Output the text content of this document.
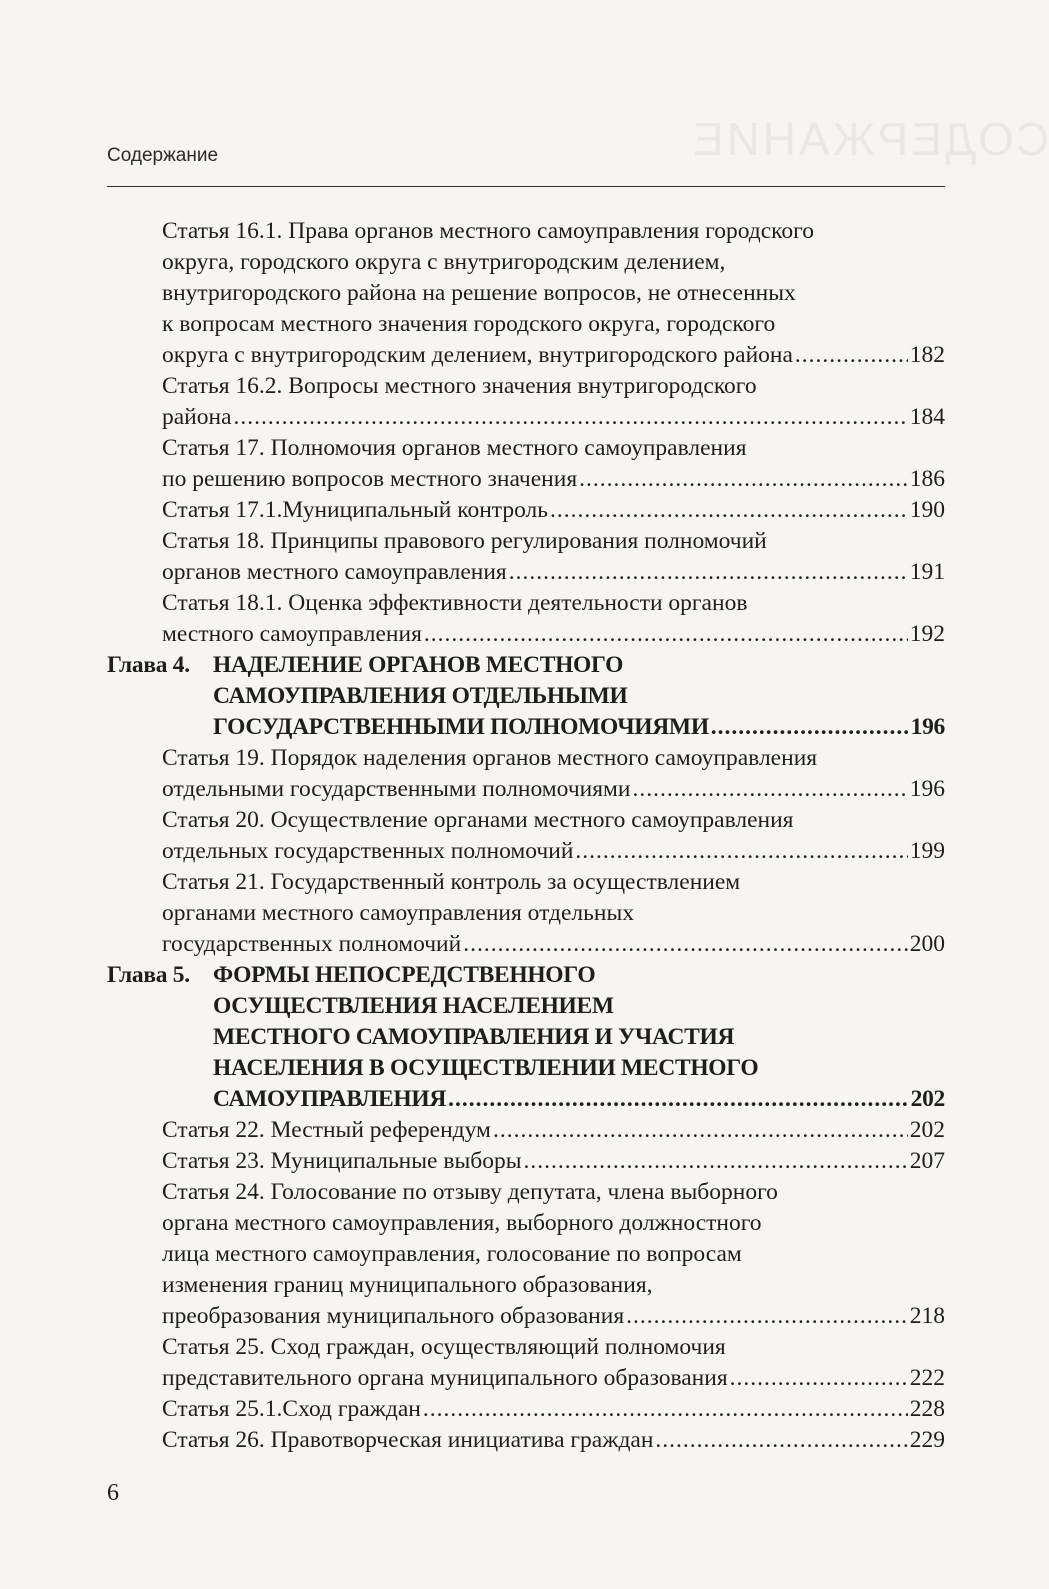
СОДЕРЖАНИЕ
Содержание
Статья 16.1. Права органов местного самоуправления городского
округа, городского округа с внутригородским делением,
внутригородского района на решение вопросов, не отнесенных
к вопросам местного значения городского округа, городского
округа с внутригородским делением, внутригородского района .....	182
Статья 16.2. Вопросы местного значения внутригородского
района .....	184
Статья 17. Полномочия органов местного самоуправления
по решению вопросов местного значения .....	186
Статья 17.1.Муниципальный контроль .....	190
Статья 18. Принципы правового регулирования полномочий
органов местного самоуправления .....	191
Статья 18.1. Оценка эффективности деятельности органов
местного самоуправления .....	192
Глава 4. НАДЕЛЕНИЕ ОРГАНОВ МЕСТНОГО
САМОУПРАВЛЕНИЯ ОТДЕЛЬНЫМИ
ГОСУДАРСТВЕННЫМИ ПОЛНОМОЧИЯМИ .....	196
Статья 19. Порядок наделения органов местного самоуправления
отдельными государственными полномочиями .....	196
Статья 20. Осуществление органами местного самоуправления
отдельных государственных полномочий .....	199
Статья 21. Государственный контроль за осуществлением
органами местного самоуправления отдельных
государственных полномочий .....	200
Глава 5. ФОРМЫ НЕПОСРЕДСТВЕННОГО
ОСУЩЕСТВЛЕНИЯ НАСЕЛЕНИЕМ
МЕСТНОГО САМОУПРАВЛЕНИЯ И УЧАСТИЯ
НАСЕЛЕНИЯ В ОСУЩЕСТВЛЕНИИ МЕСТНОГО
САМОУПРАВЛЕНИЯ .....	202
Статья 22. Местный референдум .....	202
Статья 23. Муниципальные выборы .....	207
Статья 24. Голосование по отзыву депутата, члена выборного
органа местного самоуправления, выборного должностного
лица местного самоуправления, голосование по вопросам
изменения границ муниципального образования,
преобразования муниципального образования .....	218
Статья 25. Сход граждан, осуществляющий полномочия
представительного органа муниципального образования .....	222
Статья 25.1.Сход граждан .....	228
Статья 26. Правотворческая инициатива граждан .....	229
6
